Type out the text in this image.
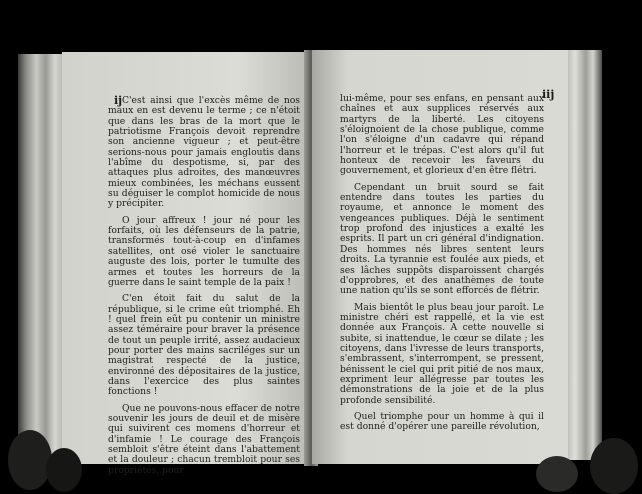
ij C'est ainsi que l'excès même de nos maux en est devenu le terme ; ce n'étoit que dans les bras de la mort que le patriotisme François devoit reprendre son ancienne vigueur ; et peut-être serions-nous pour jamais engloutis dans l'abîme du despotisme, si, par des attaques plus adroites, des manœuvres mieux combinées, les méchans eussent su déguiser le complot homicide de nous y précipiter.

O jour affreux ! jour né pour les forfaits, où les défenseurs de la patrie, transformés tout-à-coup en d'infames satellites, ont osé violer le sanctuaire auguste des lois, porter le tumulte des armes et toutes les horreurs de la guerre dans le saint temple de la paix !

C'en étoit fait du salut de la république, si le crime eût triomphé. Eh ! quel frein eût pu contenir un ministre assez téméraire pour braver la présence de tout un peuple irrité, assez audacieux pour porter des mains sacriléges sur un magistrat respecté de la justice, environné des dépositaires de la justice, dans l'exercice des plus saintes fonctions !

Que ne pouvons-nous effacer de notre souvenir les jours de deuil et de misère qui suivirent ces momens d'horreur et d'infamie ! Le courage des François sembloit s'être éteint dans l'abattement et la douleur ; chacun trembloit pour ses propriétés, pour

iij

lui-même, pour ses enfans, en pensant aux chaînes et aux supplices réservés aux martyrs de la liberté. Les citoyens s'éloignoient de la chose publique, comme l'on s'éloigne d'un cadavre qui répand l'horreur et le trépas. C'est alors qu'il fut honteux de recevoir les faveurs du gouvernement, et glorieux d'en être flétri.

Cependant un bruit sourd se fait entendre dans toutes les parties du royaume, et annonce le moment des vengeances publiques. Déjà le sentiment trop profond des injustices a exalté les esprits. Il part un cri général d'indignation. Des hommes nés libres sentent leurs droits. La tyrannie est foulée aux pieds, et ses lâches suppôts disparoissent chargés d'opprobres, et des anathèmes de toute une nation qu'ils se sont efforcés de flétrir.

Mais bientôt le plus beau jour paroît. Le ministre chéri est rappellé, et la vie est donnée aux François. A cette nouvelle si subite, si inattendue, le cœur se dilate ; les citoyens, dans l'ivresse de leurs transports, s'embrassent, s'interrompent, se pressent, bénissent le ciel qui prit pitié de nos maux, expriment leur allégresse par toutes les démonstrations de la joie et de la plus profonde sensibilité.

Quel triomphe pour un homme à qui il est donné d'opérer une pareille révolution,
